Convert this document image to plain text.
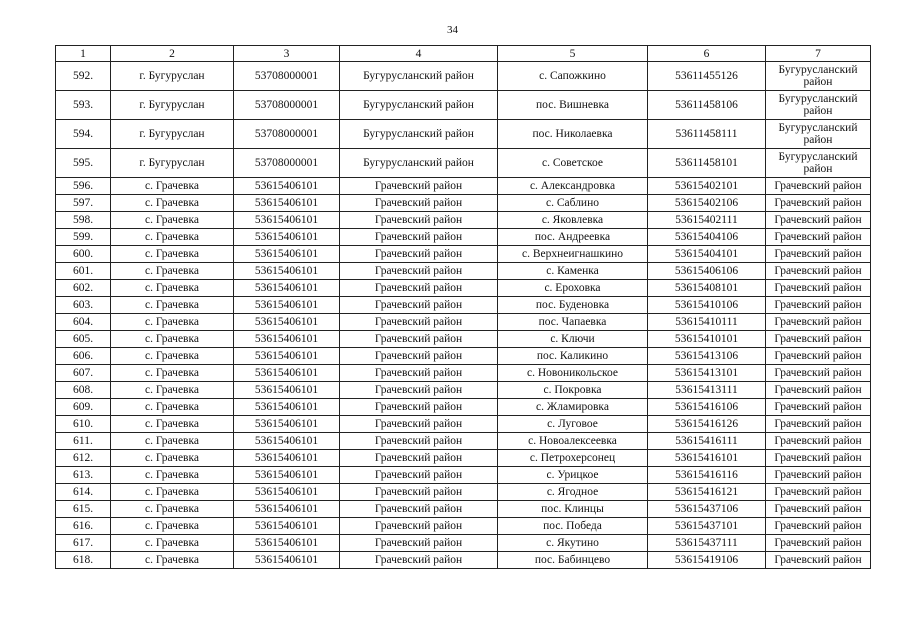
34
1	2	3	4	5	6	7
592.	г. Бугуруслан	53708000001	Бугурусланский район	с. Сапожкино	53611455126	Бугурусланский район
593.	г. Бугуруслан	53708000001	Бугурусланский район	пос. Вишневка	53611458106	Бугурусланский район
594.	г. Бугуруслан	53708000001	Бугурусланский район	пос. Николаевка	53611458111	Бугурусланский район
595.	г. Бугуруслан	53708000001	Бугурусланский район	с. Советское	53611458101	Бугурусланский район
596.	с. Грачевка	53615406101	Грачевский район	с. Александровка	53615402101	Грачевский район
597.	с. Грачевка	53615406101	Грачевский район	с. Саблино	53615402106	Грачевский район
598.	с. Грачевка	53615406101	Грачевский район	с. Яковлевка	53615402111	Грачевский район
599.	с. Грачевка	53615406101	Грачевский район	пос. Андреевка	53615404106	Грачевский район
600.	с. Грачевка	53615406101	Грачевский район	с. Верхнеигнашкино	53615404101	Грачевский район
601.	с. Грачевка	53615406101	Грачевский район	с. Каменка	53615406106	Грачевский район
602.	с. Грачевка	53615406101	Грачевский район	с. Ероховка	53615408101	Грачевский район
603.	с. Грачевка	53615406101	Грачевский район	пос. Буденовка	53615410106	Грачевский район
604.	с. Грачевка	53615406101	Грачевский район	пос. Чапаевка	53615410111	Грачевский район
605.	с. Грачевка	53615406101	Грачевский район	с. Ключи	53615410101	Грачевский район
606.	с. Грачевка	53615406101	Грачевский район	пос. Каликино	53615413106	Грачевский район
607.	с. Грачевка	53615406101	Грачевский район	с. Новоникольское	53615413101	Грачевский район
608.	с. Грачевка	53615406101	Грачевский район	с. Покровка	53615413111	Грачевский район
609.	с. Грачевка	53615406101	Грачевский район	с. Жламировка	53615416106	Грачевский район
610.	с. Грачевка	53615406101	Грачевский район	с. Луговое	53615416126	Грачевский район
611.	с. Грачевка	53615406101	Грачевский район	с. Новоалексеевка	53615416111	Грачевский район
612.	с. Грачевка	53615406101	Грачевский район	с. Петрохерсонец	53615416101	Грачевский район
613.	с. Грачевка	53615406101	Грачевский район	с. Урицкое	53615416116	Грачевский район
614.	с. Грачевка	53615406101	Грачевский район	с. Ягодное	53615416121	Грачевский район
615.	с. Грачевка	53615406101	Грачевский район	пос. Клинцы	53615437106	Грачевский район
616.	с. Грачевка	53615406101	Грачевский район	пос. Победа	53615437101	Грачевский район
617.	с. Грачевка	53615406101	Грачевский район	с. Якутино	53615437111	Грачевский район
618.	с. Грачевка	53615406101	Грачевский район	пос. Бабинцево	53615419106	Грачевский район
